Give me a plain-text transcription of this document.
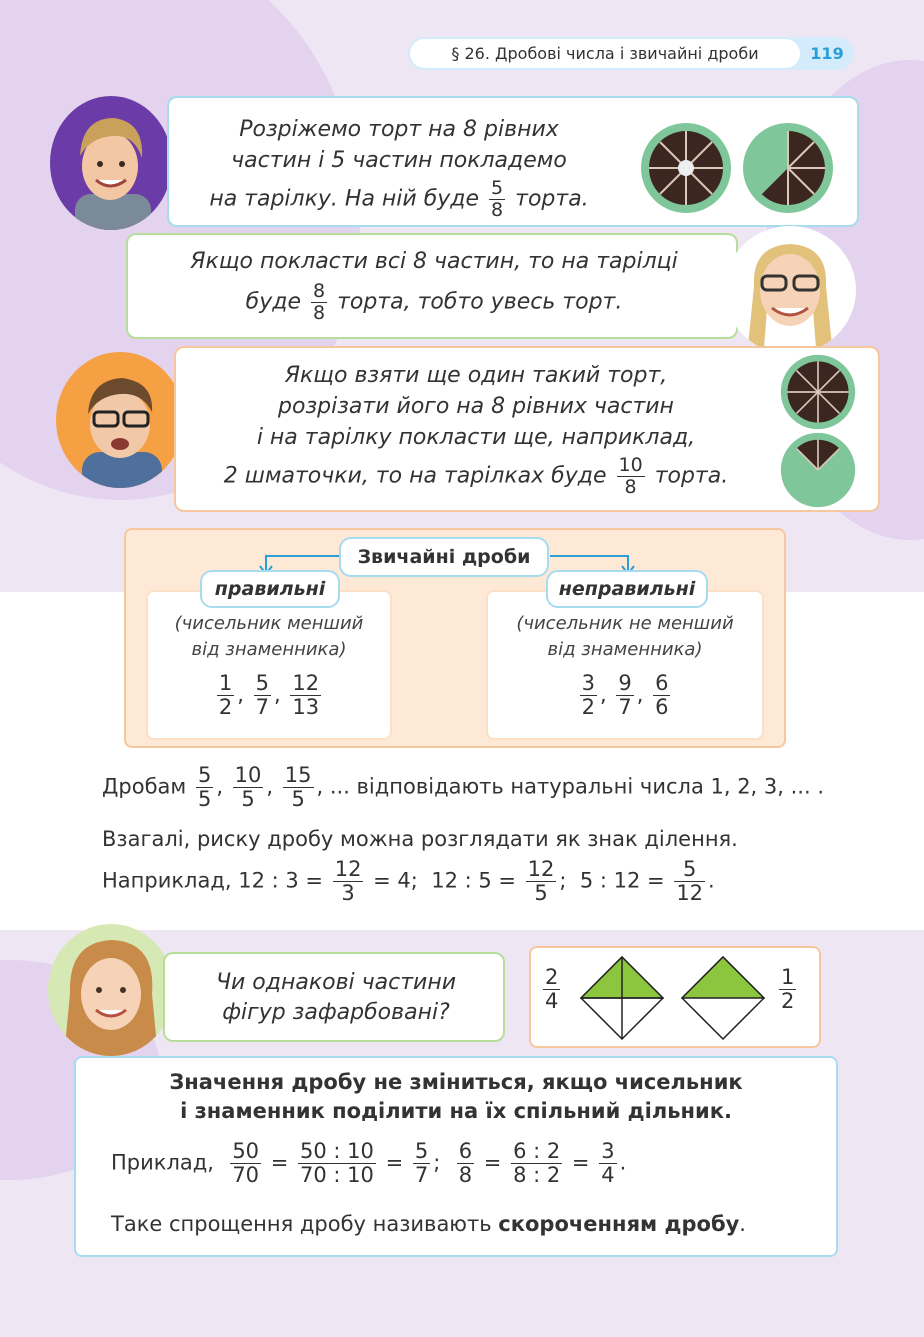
§ 26. Дробові числа і звичайні дроби	119
Розріжемо торт на 8 рівних
частин і 5 частин покладемо
на тарілку. На ній буде $\frac{5}{8}$ торта.
Якщо покласти всі 8 частин, то на тарілці
буде $\frac{8}{8}$ торта, тобто увесь торт.
Якщо взяти ще один такий торт,
розрізати його на 8 рівних частин
і на тарілку покласти ще, наприклад,
2 шматочки, то на тарілках буде $\frac{10}{8}$ торта.
Звичайні дроби
правильні
(чисельник менший
від знаменника)
$\frac{1}{2}$ , $\frac{5}{7}$ , $\frac{12}{13}$
неправильні
(чисельник не менший
від знаменника)
$\frac{3}{2}$ , $\frac{9}{7}$ , $\frac{6}{6}$
Дробам $\frac{5}{5}$ , $\frac{10}{5}$ , $\frac{15}{5}$ , ... відповідають натуральні числа 1, 2, 3, ... .
Взагалі, риску дробу можна розглядати як знак ділення.
Наприклад, 12 : $3 = \frac{12}{3} = 4$; 12 : $5 = \frac{12}{5}$ ; 5 : $12 = \frac{5}{12}$ .
Чи однакові частини
фігур зафарбовані?	$\frac{2}{4}$	$\frac{1}{2}$
Значення дробу не зміниться, якщо чисельник
і знаменник поділити на їх спільний дільник.
Приклад, $\frac{50}{70} = \frac{50 : 10}{70 : 10} = \frac{5}{7}$ ; $\frac{6}{8} = \frac{6 : 2}{8 : 2} = \frac{3}{4}$ .
Таке спрощення дробу називають скороченням дробу.
